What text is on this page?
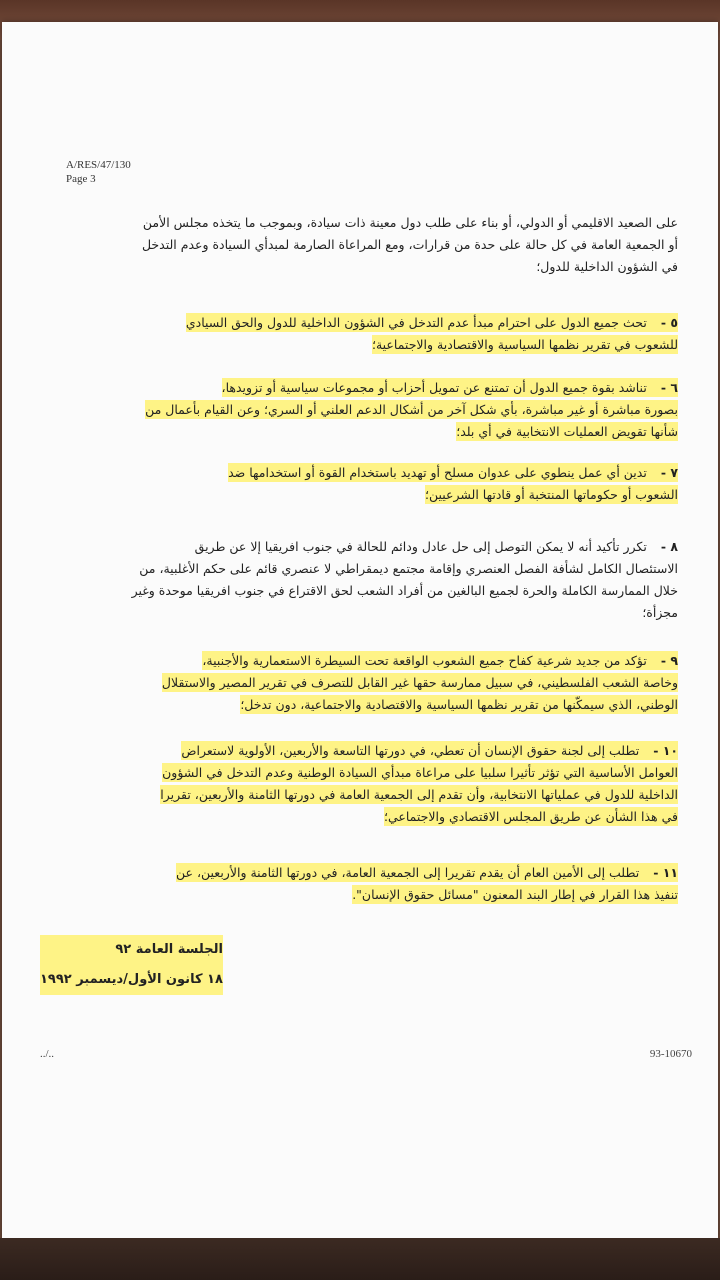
A/RES/47/130
Page 3
على الصعيد الاقليمي أو الدولي، أو بناء على طلب دول معينة ذات سيادة، وبموجب ما يتخذه مجلس الأمن
أو الجمعية العامة في كل حالة على حدة من قرارات، ومع المراعاة الصارمة لمبدأي السيادة وعدم التدخل
في الشؤون الداخلية للدول؛
٥ -تحث جميع الدول على احترام مبدأ عدم التدخل في الشؤون الداخلية للدول والحق السيادي
للشعوب في تقرير نظمها السياسية والاقتصادية والاجتماعية؛
٦ -تناشد بقوة جميع الدول أن تمتنع عن تمويل أحزاب أو مجموعات سياسية أو تزويدها،
بصورة مباشرة أو غير مباشرة، بأي شكل آخر من أشكال الدعم العلني أو السري؛ وعن القيام بأعمال من
شأنها تقويض العمليات الانتخابية في أي بلد؛
٧ -تدين أي عمل ينطوي على عدوان مسلح أو تهديد باستخدام القوة أو استخدامها ضد
الشعوب أو حكوماتها المنتخبة أو قادتها الشرعيين؛
٨ -تكرر تأكيد أنه لا يمكن التوصل إلى حل عادل ودائم للحالة في جنوب افريقيا إلا عن طريق
الاستئصال الكامل لشأفة الفصل العنصري وإقامة مجتمع ديمقراطي لا عنصري قائم على حكم الأغلبية، من
خلال الممارسة الكاملة والحرة لجميع البالغين من أفراد الشعب لحق الاقتراع في جنوب افريقيا موحدة وغير
مجزأة؛
٩ -تؤكد من جديد شرعية كفاح جميع الشعوب الواقعة تحت السيطرة الاستعمارية والأجنبية،
وخاصة الشعب الفلسطيني، في سبيل ممارسة حقها غير القابل للتصرف في تقرير المصير والاستقلال
الوطني، الذي سيمكّنها من تقرير نظمها السياسية والاقتصادية والاجتماعية، دون تدخل؛
١٠ -تطلب إلى لجنة حقوق الإنسان أن تعطي، في دورتها التاسعة والأربعين، الأولوية لاستعراض
العوامل الأساسية التي تؤثر تأثيرا سلبيا على مراعاة مبدأي السيادة الوطنية وعدم التدخل في الشؤون
الداخلية للدول في عملياتها الانتخابية، وأن تقدم إلى الجمعية العامة في دورتها الثامنة والأربعين، تقريرا
في هذا الشأن عن طريق المجلس الاقتصادي والاجتماعي؛
١١ -تطلب إلى الأمين العام أن يقدم تقريرا إلى الجمعية العامة، في دورتها الثامنة والأربعين، عن
تنفيذ هذا القرار في إطار البند المعنون "مسائل حقوق الإنسان".
الجلسة العامة ٩٢
١٨ كانون الأول/ديسمبر ١٩٩٢
../..	93-10670
